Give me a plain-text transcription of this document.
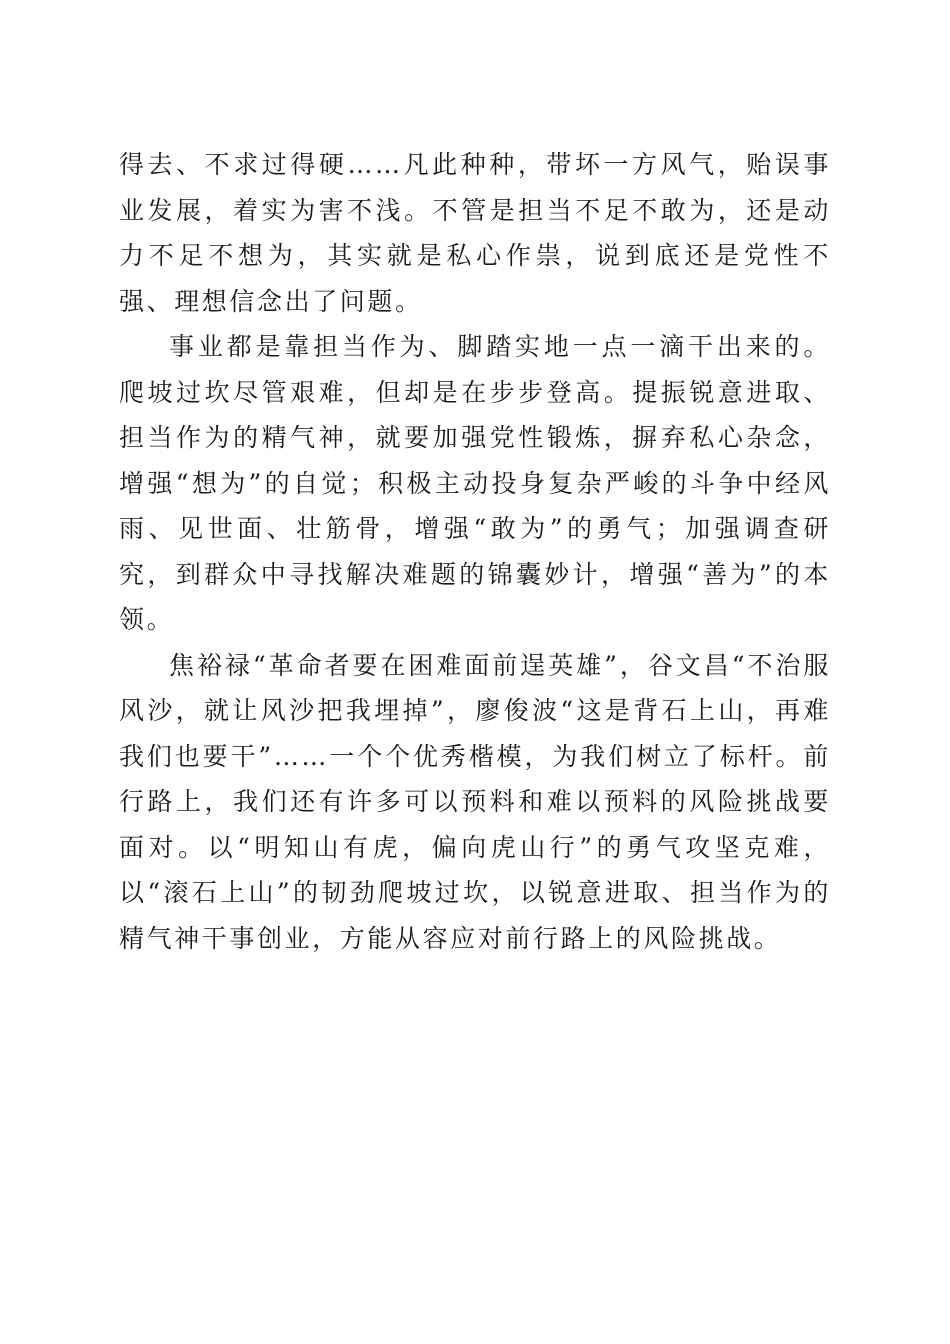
得去、不求过得硬……凡此种种，带坏一方风气，贻误事业发展，着实为害不浅。不管是担当不足不敢为，还是动力不足不想为，其实就是私心作祟，说到底还是党性不强、理想信念出了问题。

事业都是靠担当作为、脚踏实地一点一滴干出来的。爬坡过坎尽管艰难，但却是在步步登高。提振锐意进取、担当作为的精气神，就要加强党性锻炼，摒弃私心杂念，增强“想为”的自觉；积极主动投身复杂严峻的斗争中经风雨、见世面、壮筋骨，增强“敢为”的勇气；加强调查研究，到群众中寻找解决难题的锦囊妙计，增强“善为”的本领。

焦裕禄“革命者要在困难面前逞英雄”，谷文昌“不治服风沙，就让风沙把我埋掉”，廖俊波“这是背石上山，再难我们也要干”……一个个优秀楷模，为我们树立了标杆。前行路上，我们还有许多可以预料和难以预料的风险挑战要面对。以“明知山有虎，偏向虎山行”的勇气攻坚克难，以“滚石上山”的韧劲爬坡过坎，以锐意进取、担当作为的精气神干事创业，方能从容应对前行路上的风险挑战。
